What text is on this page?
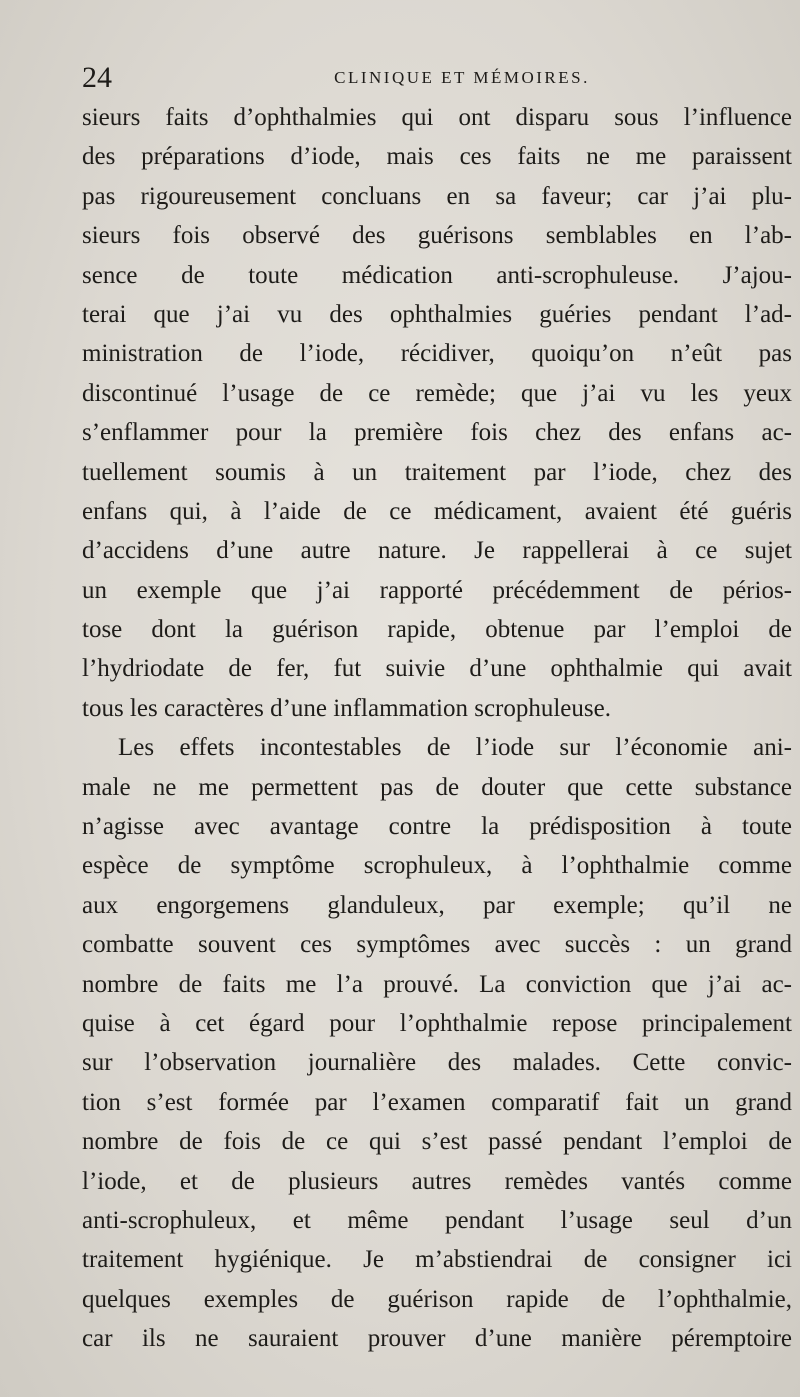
24	CLINIQUE ET MÉMOIRES.
sieurs faits d’ophthalmies qui ont disparu sous l’influence
des préparations d’iode, mais ces faits ne me paraissent
pas rigoureusement concluans en sa faveur; car j’ai plu-
sieurs fois observé des guérisons semblables en l’ab-
sence de toute médication anti-scrophuleuse. J’ajou-
terai que j’ai vu des ophthalmies guéries pendant l’ad-
ministration de l’iode, récidiver, quoiqu’on n’eût pas
discontinué l’usage de ce remède; que j’ai vu les yeux
s’enflammer pour la première fois chez des enfans ac-
tuellement soumis à un traitement par l’iode, chez des
enfans qui, à l’aide de ce médicament, avaient été guéris
d’accidens d’une autre nature. Je rappellerai à ce sujet
un exemple que j’ai rapporté précédemment de périos-
tose dont la guérison rapide, obtenue par l’emploi de
l’hydriodate de fer, fut suivie d’une ophthalmie qui avait
tous les caractères d’une inflammation scrophuleuse.
Les effets incontestables de l’iode sur l’économie ani-
male ne me permettent pas de douter que cette substance
n’agisse avec avantage contre la prédisposition à toute
espèce de symptôme scrophuleux, à l’ophthalmie comme
aux engorgemens glanduleux, par exemple; qu’il ne
combatte souvent ces symptômes avec succès : un grand
nombre de faits me l’a prouvé. La conviction que j’ai ac-
quise à cet égard pour l’ophthalmie repose principalement
sur l’observation journalière des malades. Cette convic-
tion s’est formée par l’examen comparatif fait un grand
nombre de fois de ce qui s’est passé pendant l’emploi de
l’iode, et de plusieurs autres remèdes vantés comme
anti-scrophuleux, et même pendant l’usage seul d’un
traitement hygiénique. Je m’abstiendrai de consigner ici
quelques exemples de guérison rapide de l’ophthalmie,
car ils ne sauraient prouver d’une manière péremptoire
